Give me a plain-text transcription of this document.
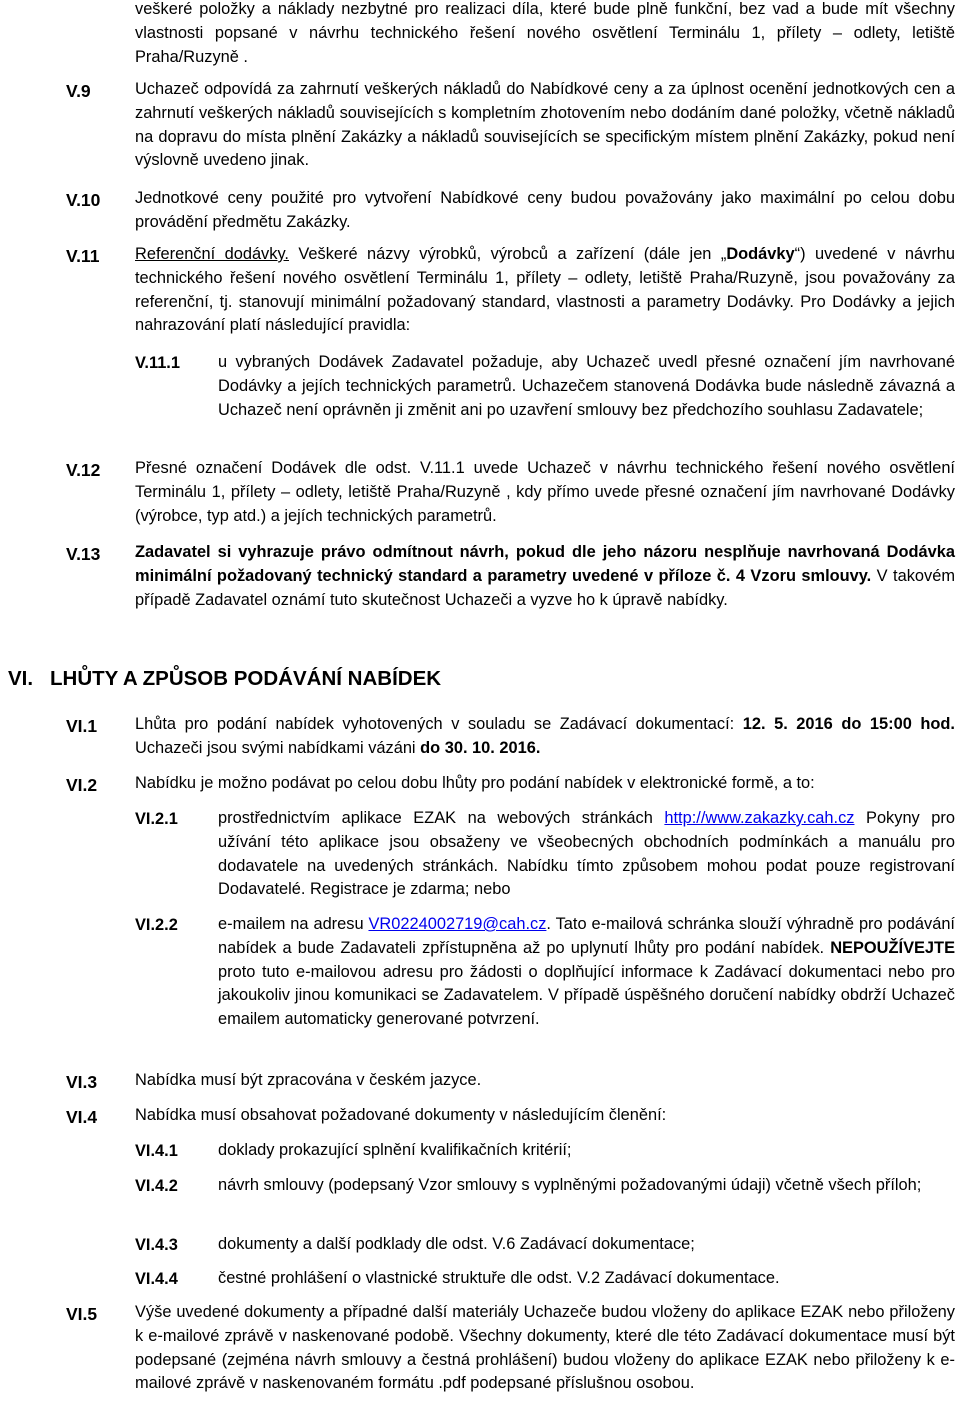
veškeré položky a náklady nezbytné pro realizaci díla, které bude plně funkční, bez vad a bude mít všechny vlastnosti popsané v návrhu technického řešení nového osvětlení Terminálu 1, přílety – odlety, letiště Praha/Ruzyně .
V.9	Uchazeč odpovídá za zahrnutí veškerých nákladů do Nabídkové ceny a za úplnost ocenění jednotkových cen a zahrnutí veškerých nákladů souvisejících s kompletním zhotovením nebo dodáním dané položky, včetně nákladů na dopravu do místa plnění Zakázky a nákladů souvisejících se specifickým místem plnění Zakázky, pokud není výslovně uvedeno jinak.
V.10 Jednotkové ceny použité pro vytvoření Nabídkové ceny budou považovány jako maximální po celou dobu provádění předmětu Zakázky.
V.11 Referenční dodávky. Veškeré názvy výrobků, výrobců a zařízení (dále jen „Dodávky“) uvedené v návrhu technického řešení nového osvětlení Terminálu 1, přílety – odlety, letiště Praha/Ruzyně, jsou považovány za referenční, tj. stanovují minimální požadovaný standard, vlastnosti a parametry Dodávky. Pro Dodávky a jejich nahrazování platí následující pravidla:
V.11.1 u vybraných Dodávek Zadavatel požaduje, aby Uchazeč uvedl přesné označení jím navrhované Dodávky a jejích technických parametrů. Uchazečem stanovená Dodávka bude následně závazná a Uchazeč není oprávněn ji změnit ani po uzavření smlouvy bez předchozího souhlasu Zadavatele;
V.12 Přesné označení Dodávek dle odst. V.11.1 uvede Uchazeč v návrhu technického řešení nového osvětlení Terminálu 1, přílety – odlety, letiště Praha/Ruzyně , kdy přímo uvede přesné označení jím navrhované Dodávky (výrobce, typ atd.) a jejích technických parametrů.
V.13 Zadavatel si vyhrazuje právo odmítnout návrh, pokud dle jeho názoru nesplňuje navrhovaná Dodávka minimální požadovaný technický standard a parametry uvedené v příloze č. 4 Vzoru smlouvy. V takovém případě Zadavatel oznámí tuto skutečnost Uchazeči a vyzve ho k úpravě nabídky.
VI. LHŮTY A ZPŮSOB PODÁVÁNÍ NABÍDEK
VI.1 Lhůta pro podání nabídek vyhotovených v souladu se Zadávací dokumentací: 12. 5. 2016 do 15:00 hod. Uchazeči jsou svými nabídkami vázáni do 30. 10. 2016.
VI.2 Nabídku je možno podávat po celou dobu lhůty pro podání nabídek v elektronické formě, a to:
VI.2.1 prostřednictvím aplikace EZAK na webových stránkách http://www.zakazky.cah.cz Pokyny pro užívání této aplikace jsou obsaženy ve všeobecných obchodních podmínkách a manuálu pro dodavatele na uvedených stránkách. Nabídku tímto způsobem mohou podat pouze registrovaní Dodavatelé. Registrace je zdarma; nebo
VI.2.2 e-mailem na adresu VR0224002719@cah.cz. Tato e-mailová schránka slouží výhradně pro podávání nabídek a bude Zadavateli zpřístupněna až po uplynutí lhůty pro podání nabídek. NEPOUŽÍVEJTE proto tuto e-mailovou adresu pro žádosti o doplňující informace k Zadávací dokumentaci nebo pro jakoukoliv jinou komunikaci se Zadavatelem. V případě úspěšného doručení nabídky obdrží Uchazeč emailem automaticky generované potvrzení.
VI.3 Nabídka musí být zpracována v českém jazyce.
VI.4 Nabídka musí obsahovat požadované dokumenty v následujícím členění:
VI.4.1 doklady prokazující splnění kvalifikačních kritérií;
VI.4.2 návrh smlouvy (podepsaný Vzor smlouvy s vyplněnými požadovanými údaji) včetně všech příloh;
VI.4.3 dokumenty a další podklady dle odst. V.6 Zadávací dokumentace;
VI.4.4 čestné prohlášení o vlastnické struktuře dle odst. V.2 Zadávací dokumentace.
VI.5 Výše uvedené dokumenty a případné další materiály Uchazeče budou vloženy do aplikace EZAK nebo přiloženy k e-mailové zprávě v naskenované podobě. Všechny dokumenty, které dle této Zadávací dokumentace musí být podepsané (zejména návrh smlouvy a čestná prohlášení) budou vloženy do aplikace EZAK nebo přiloženy k e-mailové zprávě v naskenovaném formátu .pdf podepsané příslušnou osobou.
